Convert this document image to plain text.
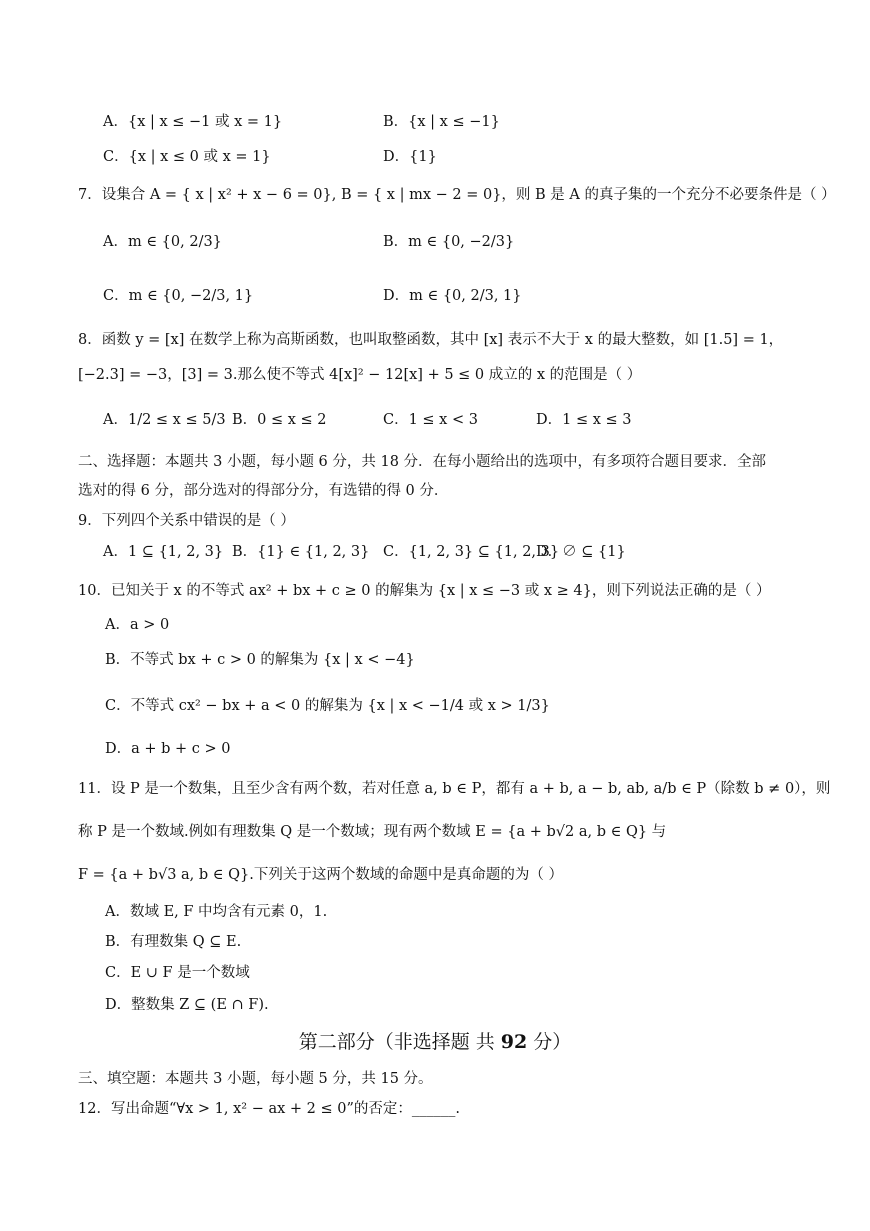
A．{x | x ≤ −1 或 x = 1}	B．{x | x ≤ −1}
C．{x | x ≤ 0 或 x = 1}	D．{1}
7．设集合 A = { x | x² + x − 6 = 0}, B = { x | mx − 2 = 0}，则 B 是 A 的真子集的一个充分不必要条件是（ ）
A．m ∈ {0, 2/3}	B．m ∈ {0, −2/3}
C．m ∈ {0, −2/3, 1}	D．m ∈ {0, 2/3, 1}
8．函数 y = [x] 在数学上称为高斯函数，也叫取整函数，其中 [x] 表示不大于 x 的最大整数，如 [1.5] = 1，
[−2.3] = −3，[3] = 3.那么使不等式 4[x]² − 12[x] + 5 ≤ 0 成立的 x 的范围是（ ）
A．1/2 ≤ x ≤ 5/3 B．0 ≤ x ≤ 2	C．1 ≤ x < 3	D．1 ≤ x ≤ 3
二、选择题：本题共 3 小题，每小题 6 分，共 18 分．在每小题给出的选项中，有多项符合题目要求．全部
选对的得 6 分，部分选对的得部分分，有选错的得 0 分．
9．下列四个关系中错误的是（ ）
A．1 ⊆ {1, 2, 3} B．{1} ∈ {1, 2, 3} C．{1, 2, 3} ⊆ {1, 2, 3}
D．∅ ⊆ {1}
10．已知关于 x 的不等式 ax² + bx + c ≥ 0 的解集为 {x | x ≤ −3 或 x ≥ 4}，则下列说法正确的是（ ）
A．a > 0
B．不等式 bx + c > 0 的解集为 {x | x < −4}
C．不等式 cx² − bx + a < 0 的解集为 {x | x < −1/4 或 x > 1/3}
D．a + b + c > 0
11．设 P 是一个数集，且至少含有两个数，若对任意 a, b ∈ P，都有 a + b, a − b, ab, a/b ∈ P（除数 b ≠ 0），则
称 P 是一个数域.例如有理数集 Q 是一个数域；现有两个数域 E = {a + b√2 a, b ∈ Q} 与
F = {a + b√3 a, b ∈ Q}.下列关于这两个数域的命题中是真命题的为（ ）
A．数域 E, F 中均含有元素 0，1.
B．有理数集 Q ⊆ E.
C．E ∪ F 是一个数域
D．整数集 Z ⊆ (E ∩ F).
第二部分（非选择题 共 92 分）
三、填空题：本题共 3 小题，每小题 5 分，共 15 分。
12．写出命题“∀x > 1, x² − ax + 2 ≤ 0”的否定：______.
